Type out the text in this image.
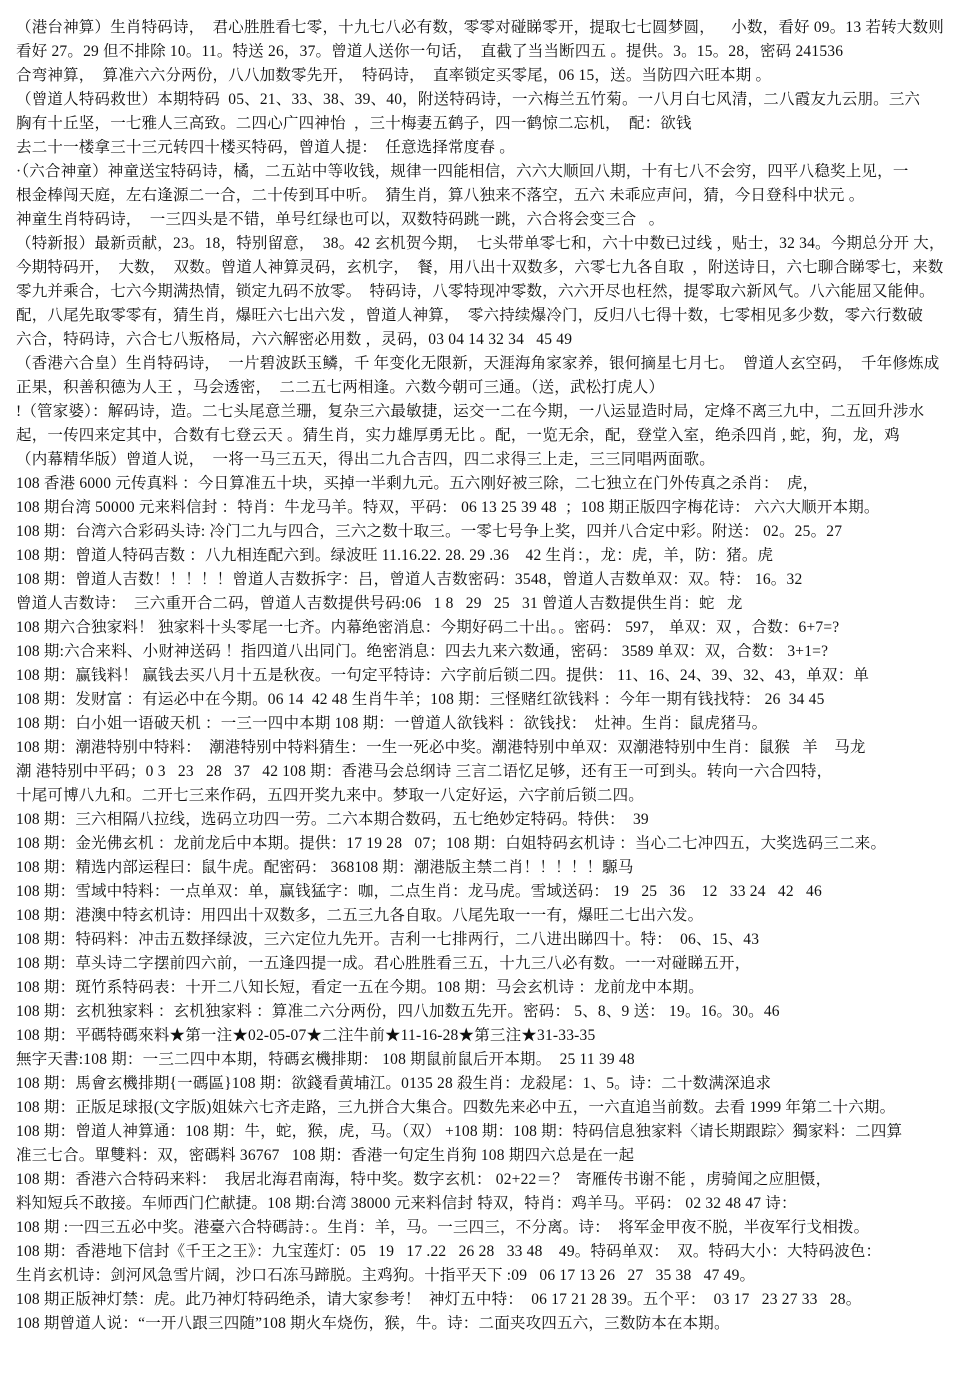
（港台神算）生肖特码诗，  君心胜胜看七零，十九七八必有数，零零对碰睇零开，提取七七圆梦圆，    小数，看好 09。13 若转大数则
看好 27。29 但不排除 10。11。特送 26，37。曾道人送你一句话，  直截了当当断四五 。提供。3。15。28，密码 241536
合弯神算，  算准六六分两份，八八加数零先开，  特码诗，  直率锁定买零尾，06 15，送。当防四六旺本期 。
（曾道人特码救世）本期特码  05、21、33、38、39、40，附送特码诗，一六梅兰五竹菊。一八月白七风清，二八霞友九云朋。三六
胸有十丘坚，一七雅人三高致。二四心广四神怡  ，三十梅妻五鹤子，四一鹤惊二忘机，  配：欲钱
去二十一楼拿三十三元转四十楼买特码，曾道人提：  任意选择常度春 。
·（六合神童）神童送宝特码诗，橘，二五站中等收钱，规律一四能相信，六六大顺回八期，十有七八不会穷，四平八稳奖上见，一
根金棒闯天庭，左右逢源二一合，二十传到耳中听。  猜生肖，算八独来不落空，五六 未乖应声问，猜，今日登科中状元 。
神童生肖特码诗，  一三四头是不错，单号红绿也可以，双数特码跳一跳，六合将会变三合   。
（特新报）最新贡献，23。18，特别留意，  38。42 玄机贺今期，  七头带单零七和，六十中数已过线 ，贴士，32 34。今期总分开 大，
今期特码开，  大数，  双数。曾道人神算灵码，玄机字，  餐，用八出十双数多，六零七九各自取  ，附送诗日，六七聊合睇零七，来数
零九并乘合，七六今期满热情，锁定九码不放零。  特码诗，八零特现冲零数，六六开尽也枉然，提零取六新风气。八六能屈又能伸。
配，八尾先取零零有，猜生肖，爆旺六七出六发 ，曾道人神算，  零六持续爆冷门，反归八七得十数，七零相见多少数，零六行数破
六合，特码诗，六合七八叛格局，六六解密必用数 ，灵码，03 04 14 32 34   45 49
（香港六合皇）生肖特码诗，  一片碧波跃玉鳞，千 年变化无限新，天涯海角家家养，银何摘星七月七。  曾道人玄空码，  千年修炼成
正果，积善积德为人王 ，马会透密，  二二五七两相逢。六数今朝可三通。（送，武松打虎人）
!（管家婆）：解码诗，造。二七头尾意兰珊，复杂三六最敏捷，运交一二在今期，一八运显造时局，定烽不离三九中，二五回升涉水
起，一传四来定其中，合数有七登云天 。猜生肖，实力雄厚勇无比 。配，一览无余，配，登堂入室，绝杀四肖 , 蛇，狗，龙，鸡
（内幕精华版）曾道人说，  一将一马三五天，得出二九合吉四，四二求得三上走，三三同唱两面歌。
108 香港 6000 元传真料 ：今日算准五十块，买掉一半剩九元。五六刚好被三除，二七独立在门外传真之杀肖：  虎，
108 期台湾 50000 元来料信封 ：特肖：牛龙马羊。特双，平码： 06 13 25 39 48  ；108 期正版四字梅花诗： 六六大顺开本期。
108 期：台湾六合彩码头诗: 冷门二九与四合，三六之数十取三。一零七号争上奖，四并八合定中彩。附送： 02。25。27
108 期：曾道人特码吉数 ：八九相连配六到。绿波旺 11.16.22. 28. 29 .36    42 生肖：，龙：虎，羊，防：猪。虎
108 期：曾道人吉数！！！！！曾道人吉数拆字：吕，曾道人吉数密码：3548，曾道人吉数单双：双。特： 16。32
曾道人吉数诗：  三六重开合二码，曾道人吉数提供号码:06   1 8   29   25   31 曾道人吉数提供生肖：蛇   龙
108 期六合独家料！ 独家料十头零尾一七齐。内幕绝密消息：今期好码二十出。。密码： 597， 单双：双 ，合数：6+7=?
108 期:六合来料、小财神送码 ！指四道八出同门。绝密消息：四去九来六数通，密码： 3589 单双：双，合数： 3+1=?
108 期：赢钱料！ 赢钱去买八月十五是秋夜。一句定平特诗：六字前后锁二四。提供： 11、16、24、39、32、43，单双：单
108 期：发财富 ：有运必中在今期。06 14  42 48 生肖牛羊；108 期：三怪赌红欲钱料 ：今年一期有钱找特： 26  34 45
108 期：白小姐一语破天机 ：一三一四中本期 108 期：一曾道人欲钱料 ：欲钱找：  灶神。生肖：鼠虎猪马。
108 期：潮港特别中特料：  潮港特别中特料猜生：一生一死必中奖。潮港特别中单双：双潮港特别中生肖：鼠猴   羊    马龙
潮 港特别中平码；0 3   23   28   37   42 108 期：香港马会总纲诗 三言二语忆足够，还有王一可到头。转向一六合四特，
十尾可博八九和。二开七三来作码，五四开奖九来中。梦取一八定好运，六字前后锁二四。
108 期：三六相隔八拉线，选码立功四一劳。二六本期合数码，五七绝妙定特码。特供：  39
108 期：金光佛玄机 ：龙前龙后中本期。提供：17 19 28   07；108 期：白姐特码玄机诗 ：当心二七冲四五，大奖选码三二来。
108 期：精选内部运程曰：鼠牛虎。配密码： 368108 期：潮港版主禁二肖！！！！！騵马
108 期：雪域中特料：一点单双：单，赢钱猛字：咖，二点生肖：龙马虎。雪域送码： 19   25   36    12   33 24   42   46
108 期：港澳中特玄机诗：用四出十双数多，二五三九各自取。八尾先取一一有，爆旺二七出六发。
108 期：特码料：冲击五数择绿波，三六定位九先开。吉利一七排两行，二八进出睇四十。特：  06、15、43
108 期：草头诗二字摆前四六前，一五逢四提一成。君心胜胜看三五，十九三八必有数。一一对碰睇五开，
108 期：斑竹系特码表：十开二八知长短，看定一五在今期。108 期：马会玄机诗 ：龙前龙中本期。
108 期：玄机独家料 ：玄机独家料 ：算准二六分两份，四八加数五先开。密码： 5、8、9 送： 19。16。30。46
108 期：平碼特碼來料★第一注★02-05-07★二注牛前★11-16-28★第三注★31-33-35
無字天書:108 期：一三二四中本期，特碼玄機排期： 108 期鼠前鼠后开本期。  25 11 39 48
108 期：馬會玄機排期{一碼區}108 期：欲錢看黄埔江。0135 28 殺生肖：龙殺尾：1、5。诗：二十数满深追求
108 期：正版足球报(文字版)姐妹六七齐走路，三九拼合大集合。四数先来必中五，一六直追当前数。去看 1999 年第二十六期。
108 期：曾道人神算通：108 期：牛，蛇，猴，虎，马。（双） +108 期：108 期：特码信息独家料〈请长期跟踪〉獨家料：二四算
准三七合。單雙料：双，密碼料 36767   108 期：香港一句定生肖狗 108 期四六总是在一起
108 期：香港六合特码来料：  我居北海君南海，特中奖。数字玄机： 02+22＝？  寄雁传书谢不能 ，虏骑闻之应胆慑，
料知短兵不敢接。车师西门伫献捷。108 期:台湾 38000 元来料信封 特双，特肖：鸡羊马。平码： 02 32 48 47 诗：
108 期 :一四三五必中奖。港臺六合特碼詩：。生肖：羊，马。一三四三，不分离。诗：  将军金甲夜不脱，半夜军行戈相拨。
108 期：香港地下信封《千王之王》：九宝莲灯：05   19   17 .22   26 28   33 48    49。特码单双：  双。特码大小：大特码波色：
生肖玄机诗：剑河风急雪片阔，沙口石冻马蹄脱。主鸡狗。十指平天下 :09   06 17 13 26   27   35 38   47 49。
108 期正版神灯禁：虎。此乃神灯特码绝杀，请大家参考！  神灯五中特：  06 17 21 28 39。五个平：  03 17   23 27 33   28。
108 期曾道人说：“一开八跟三四随”108 期火车烧伤，猴，牛。诗：二面夹攻四五六，三数防本在本期。
